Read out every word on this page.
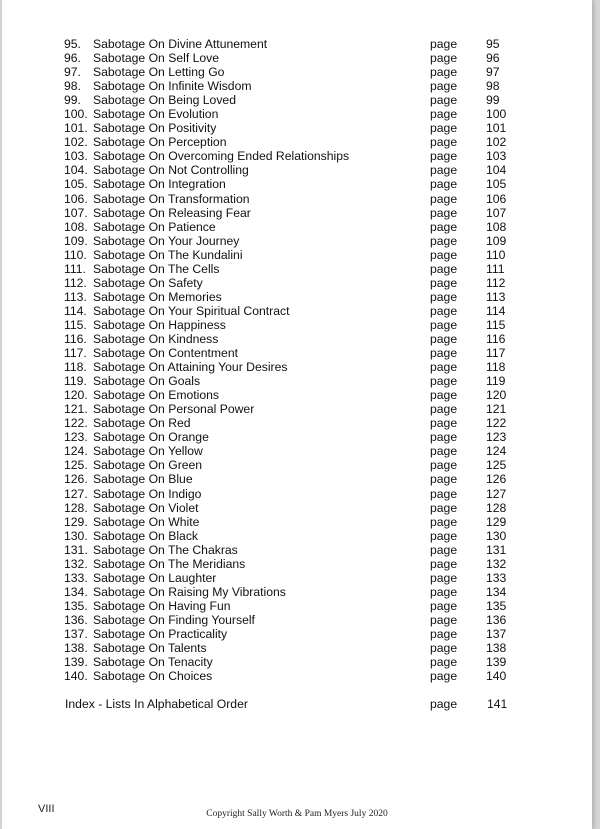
95. Sabotage On Divine Attunement	page 95
96. Sabotage On Self Love	page 96
97. Sabotage On Letting Go	page 97
98. Sabotage On Infinite Wisdom	page 98
99. Sabotage On Being Loved	page 99
100. Sabotage On Evolution	page 100
101. Sabotage On Positivity	page 101
102. Sabotage On Perception	page 102
103. Sabotage On Overcoming Ended Relationships	page 103
104. Sabotage On Not Controlling	page 104
105. Sabotage On Integration	page 105
106. Sabotage On Transformation	page 106
107. Sabotage On Releasing Fear	page 107
108. Sabotage On Patience	page 108
109. Sabotage On Your Journey	page 109
110. Sabotage On The Kundalini	page 110
111. Sabotage On The Cells	page 111
112. Sabotage On Safety	page 112
113. Sabotage On Memories	page 113
114. Sabotage On Your Spiritual Contract	page 114
115. Sabotage On Happiness	page 115
116. Sabotage On Kindness	page 116
117. Sabotage On Contentment	page 117
118. Sabotage On Attaining Your Desires	page 118
119. Sabotage On Goals	page 119
120. Sabotage On Emotions	page 120
121. Sabotage On Personal Power	page 121
122. Sabotage On Red	page 122
123. Sabotage On Orange	page 123
124. Sabotage On Yellow	page 124
125. Sabotage On Green	page 125
126. Sabotage On Blue	page 126
127. Sabotage On Indigo	page 127
128. Sabotage On Violet	page 128
129. Sabotage On White	page 129
130. Sabotage On Black	page 130
131. Sabotage On The Chakras	page 131
132. Sabotage On The Meridians	page 132
133. Sabotage On Laughter	page 133
134. Sabotage On Raising My Vibrations	page 134
135. Sabotage On Having Fun	page 135
136. Sabotage On Finding Yourself	page 136
137. Sabotage On Practicality	page 137
138. Sabotage On Talents	page 138
139. Sabotage On Tenacity	page 139
140. Sabotage On Choices	page 140
Index - Lists In Alphabetical Order	page 141
VIII	Copyright Sally Worth & Pam Myers July 2020
